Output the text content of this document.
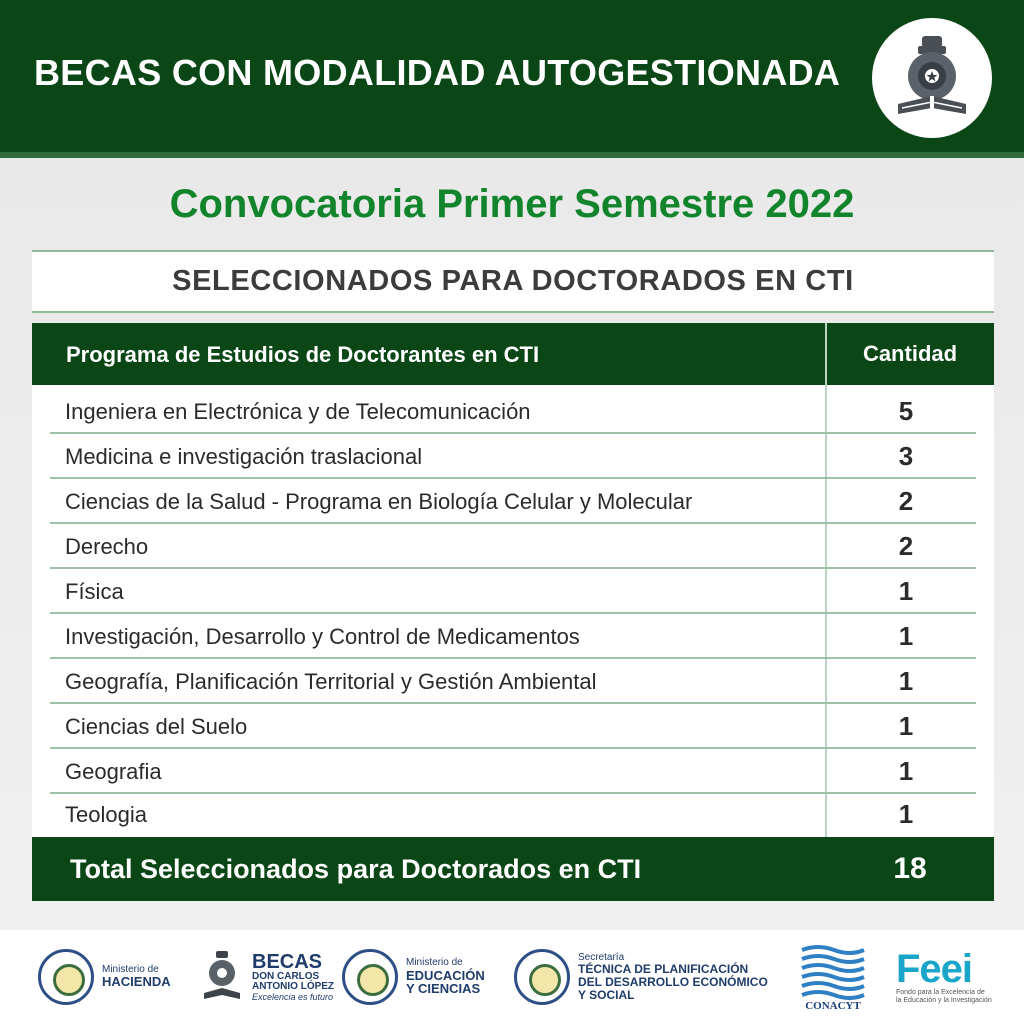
BECAS CON MODALIDAD AUTOGESTIONADA
Convocatoria Primer Semestre 2022
SELECCIONADOS PARA DOCTORADOS EN CTI
Programa de Estudios de Doctorantes en CTI	Cantidad
Ingeniera en Electrónica y de Telecomunicación	5
Medicina e investigación traslacional	3
Ciencias de la Salud - Programa en Biología Celular y Molecular	2
Derecho	2
Física	1
Investigación, Desarrollo y Control de Medicamentos	1
Geografía, Planificación Territorial y Gestión Ambiental	1
Ciencias del Suelo	1
Geografia	1
Teologia	1
Total Seleccionados para Doctorados en CTI	18
Ministerio de
HACIENDA
BECAS
DON CARLOS
ANTONIO LÓPEZ
Excelencia es futuro
Ministerio de
EDUCACIÓN
Y CIENCIAS
Secretaría
TÉCNICA DE PLANIFICACIÓN
DEL DESARROLLO ECONÓMICO
Y SOCIAL
CONACYT
Feei
Fondo para la Excelencia de
la Educación y la Investigación
